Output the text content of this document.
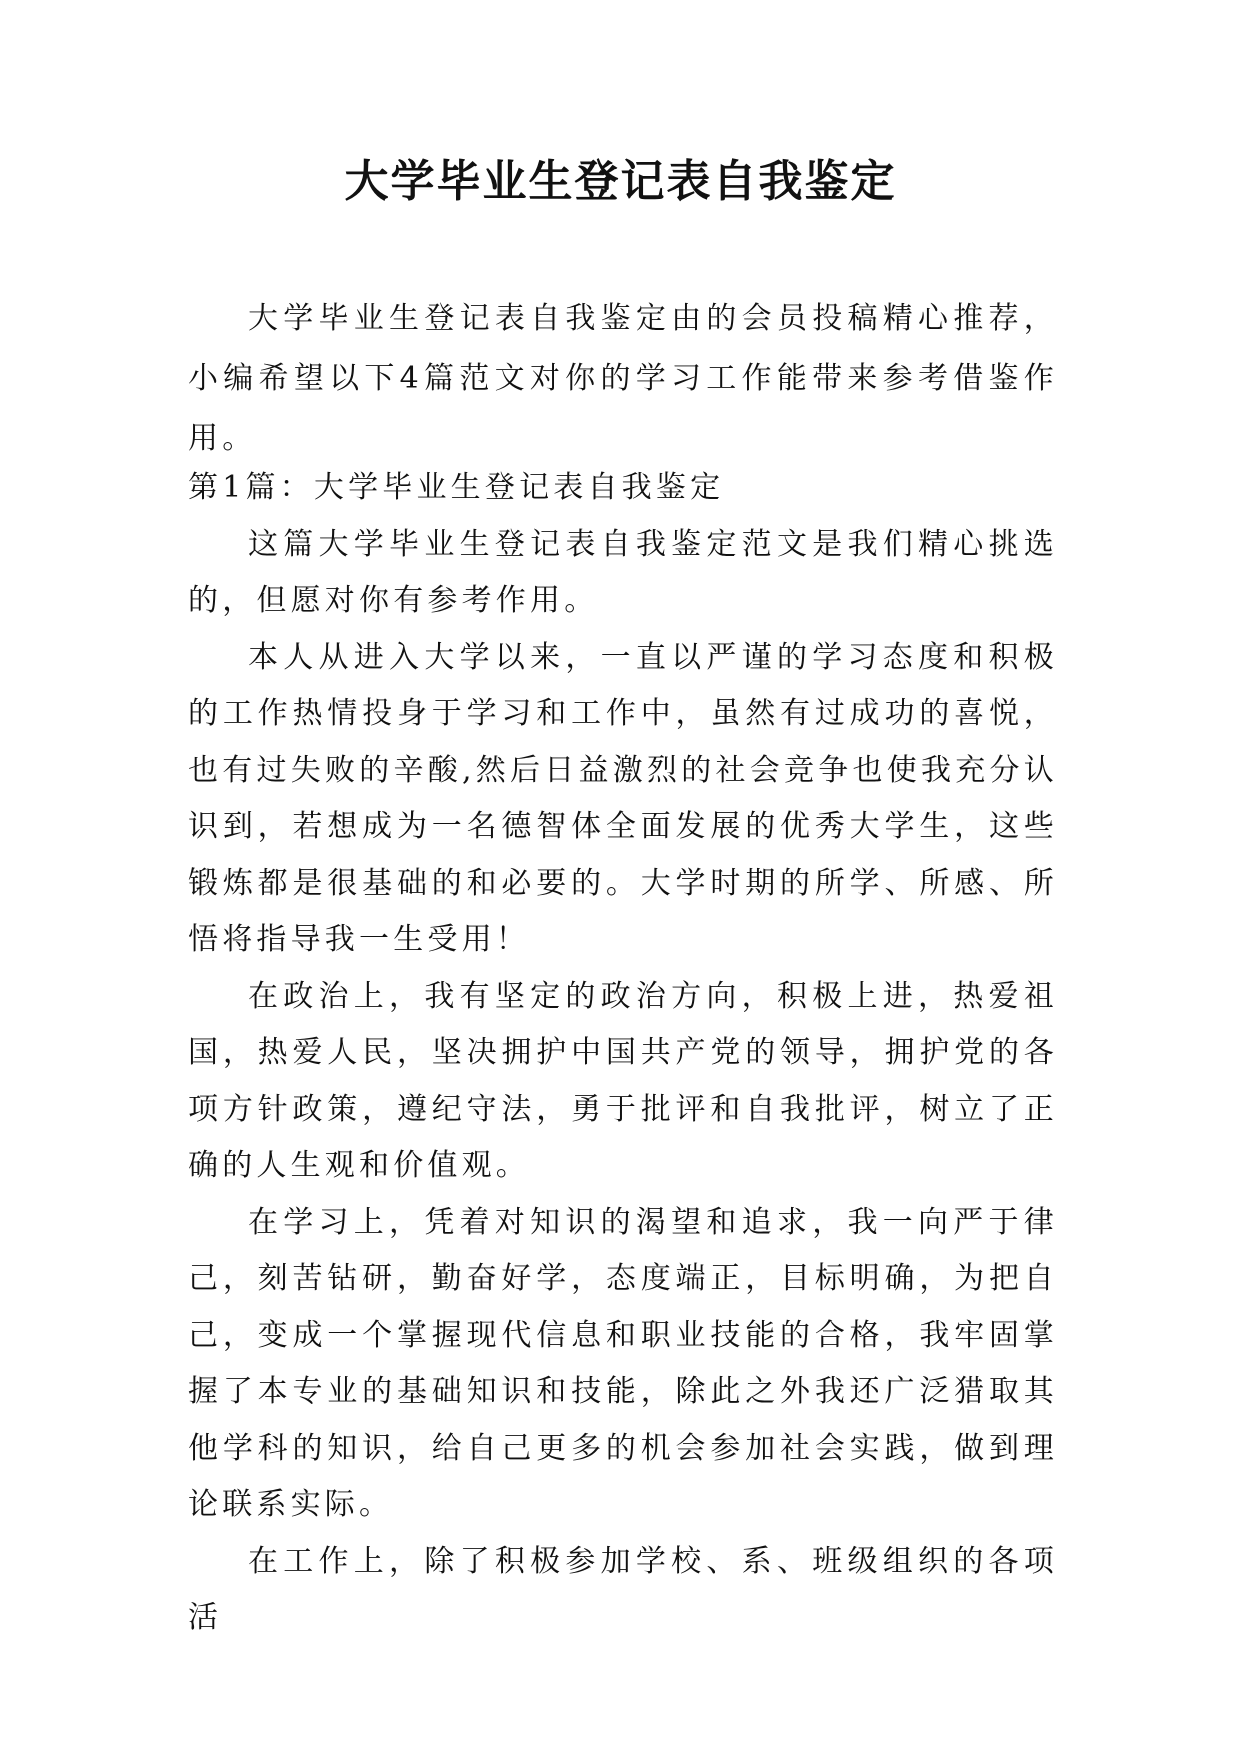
大学毕业生登记表自我鉴定

大学毕业生登记表自我鉴定由的会员投稿精心推荐，小编希望以下4篇范文对你的学习工作能带来参考借鉴作用。

第1篇：大学毕业生登记表自我鉴定

这篇大学毕业生登记表自我鉴定范文是我们精心挑选的，但愿对你有参考作用。

本人从进入大学以来，一直以严谨的学习态度和积极的工作热情投身于学习和工作中，虽然有过成功的喜悦，也有过失败的辛酸,然后日益激烈的社会竞争也使我充分认识到，若想成为一名德智体全面发展的优秀大学生，这些锻炼都是很基础的和必要的。大学时期的所学、所感、所悟将指导我一生受用！

在政治上，我有坚定的政治方向，积极上进，热爱祖国，热爱人民，坚决拥护中国共产党的领导，拥护党的各项方针政策，遵纪守法，勇于批评和自我批评，树立了正确的人生观和价值观。

在学习上，凭着对知识的渴望和追求，我一向严于律己，刻苦钻研，勤奋好学，态度端正，目标明确，为把自己，变成一个掌握现代信息和职业技能的合格，我牢固掌握了本专业的基础知识和技能，除此之外我还广泛猎取其他学科的知识，给自己更多的机会参加社会实践，做到理论联系实际。

在工作上，除了积极参加学校、系、班级组织的各项活
